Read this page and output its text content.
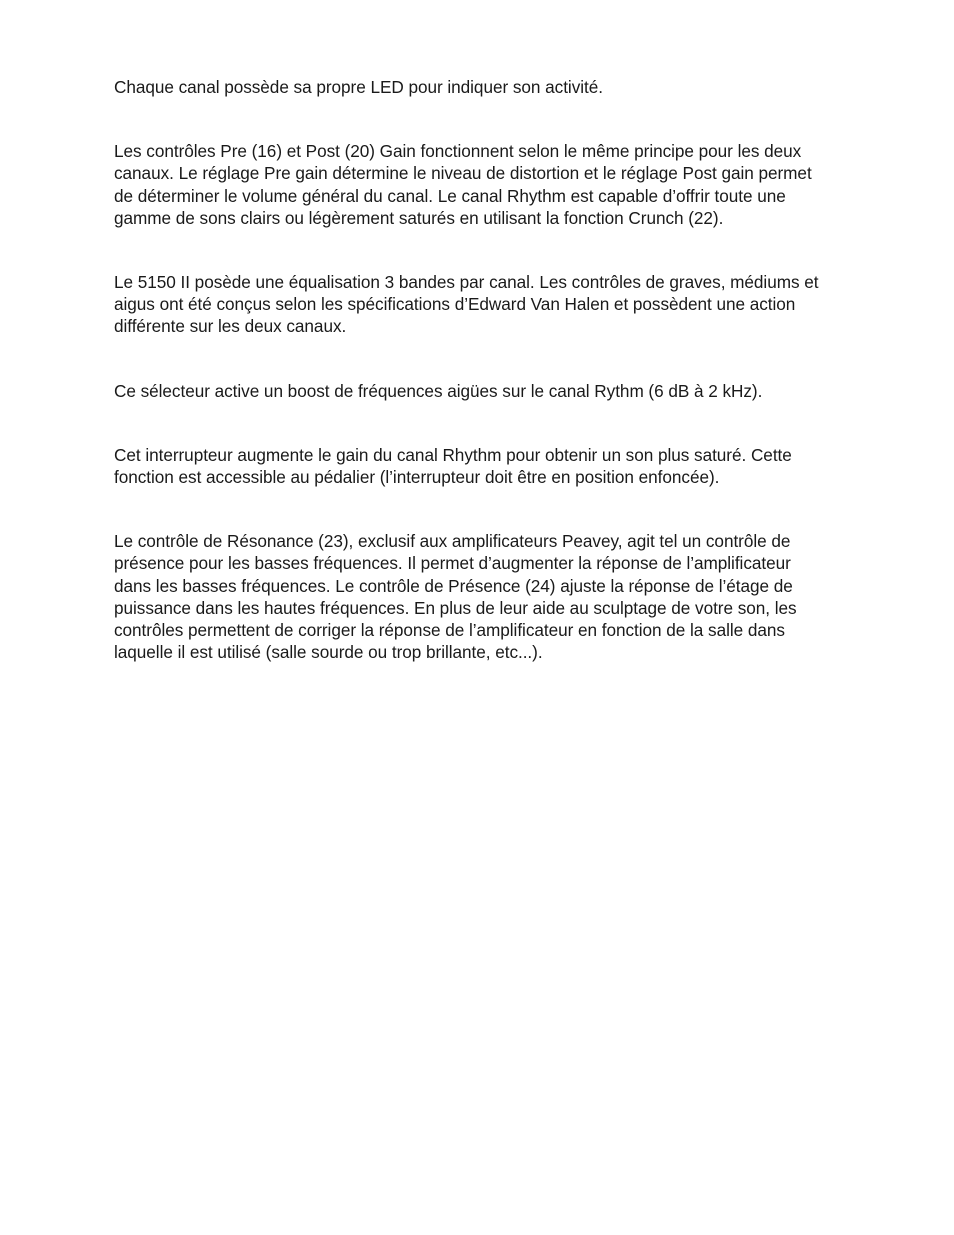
Chaque canal possède sa propre LED pour indiquer son activité.

Les contrôles Pre (16) et Post (20) Gain fonctionnent selon le même principe pour les deux
canaux. Le réglage Pre gain détermine le niveau de distortion et le réglage Post gain permet
de déterminer le volume général du canal. Le canal Rhythm est capable d’offrir toute une
gamme de sons clairs ou légèrement saturés en utilisant la fonction Crunch (22).

Le 5150 II posède une équalisation 3 bandes par canal. Les contrôles de graves, médiums et
aigus ont été conçus selon les spécifications d’Edward Van Halen et possèdent une action
différente sur les deux canaux.

Ce sélecteur active un boost de fréquences aigües sur le canal Rythm (6 dB à 2 kHz).

Cet interrupteur augmente le gain du canal Rhythm pour obtenir un son plus saturé. Cette
fonction est accessible au pédalier (l’interrupteur doit être en position enfoncée).

Le contrôle de Résonance (23), exclusif aux amplificateurs Peavey, agit tel un contrôle de
présence pour les basses fréquences. Il permet d’augmenter la réponse de l’amplificateur
dans les basses fréquences. Le contrôle de Présence (24) ajuste la réponse de l’étage de
puissance dans les hautes fréquences. En plus de leur aide au sculptage de votre son, les
contrôles permettent de corriger la réponse de l’amplificateur en fonction de la salle dans
laquelle il est utilisé (salle sourde ou trop brillante, etc...).
